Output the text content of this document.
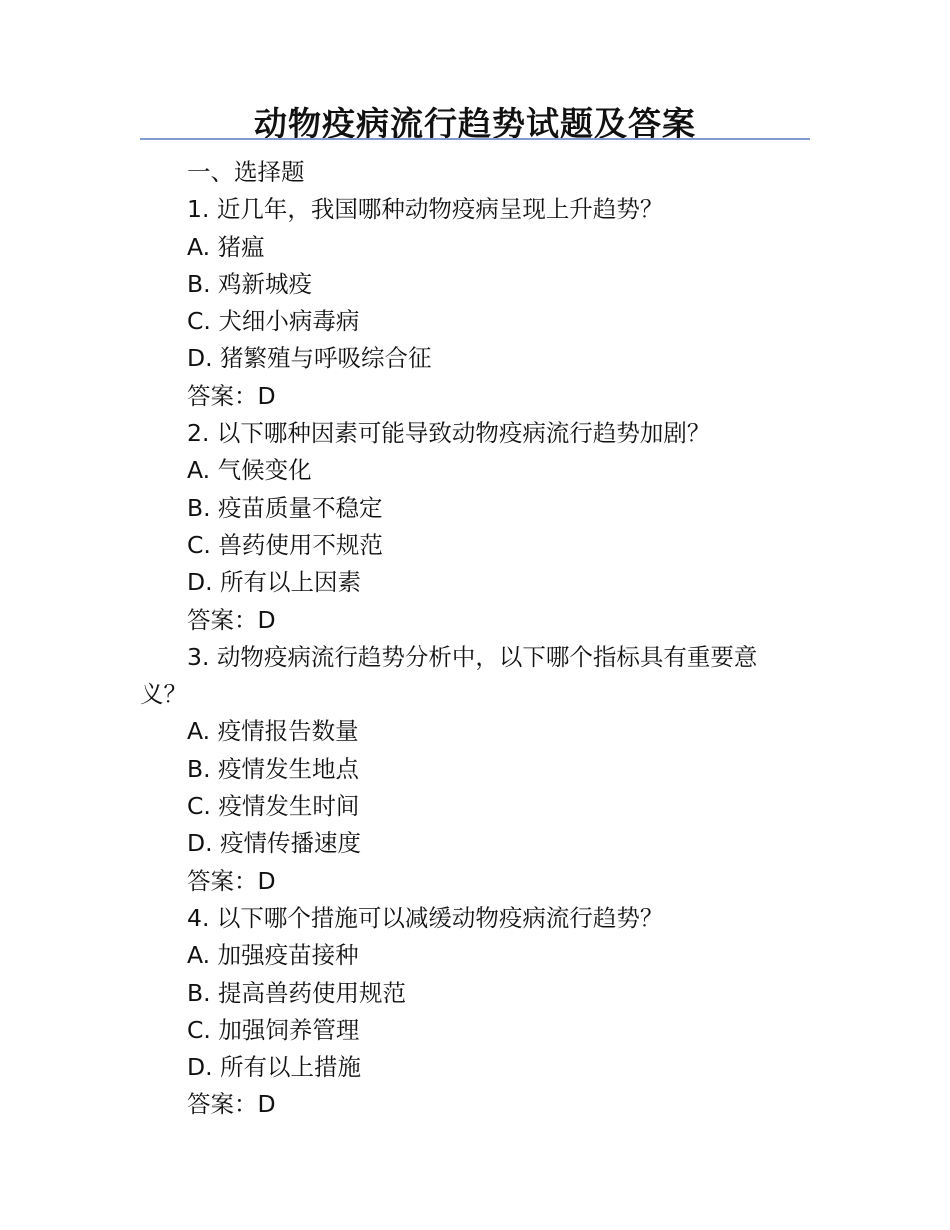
动物疫病流行趋势试题及答案

一、选择题

1. 近几年，我国哪种动物疫病呈现上升趋势？

A. 猪瘟

B. 鸡新城疫

C. 犬细小病毒病

D. 猪繁殖与呼吸综合征

答案：D

2. 以下哪种因素可能导致动物疫病流行趋势加剧？

A. 气候变化

B. 疫苗质量不稳定

C. 兽药使用不规范

D. 所有以上因素

答案：D

3. 动物疫病流行趋势分析中，以下哪个指标具有重要意义？

A. 疫情报告数量

B. 疫情发生地点

C. 疫情发生时间

D. 疫情传播速度

答案：D

4. 以下哪个措施可以减缓动物疫病流行趋势？

A. 加强疫苗接种

B. 提高兽药使用规范

C. 加强饲养管理

D. 所有以上措施

答案：D
